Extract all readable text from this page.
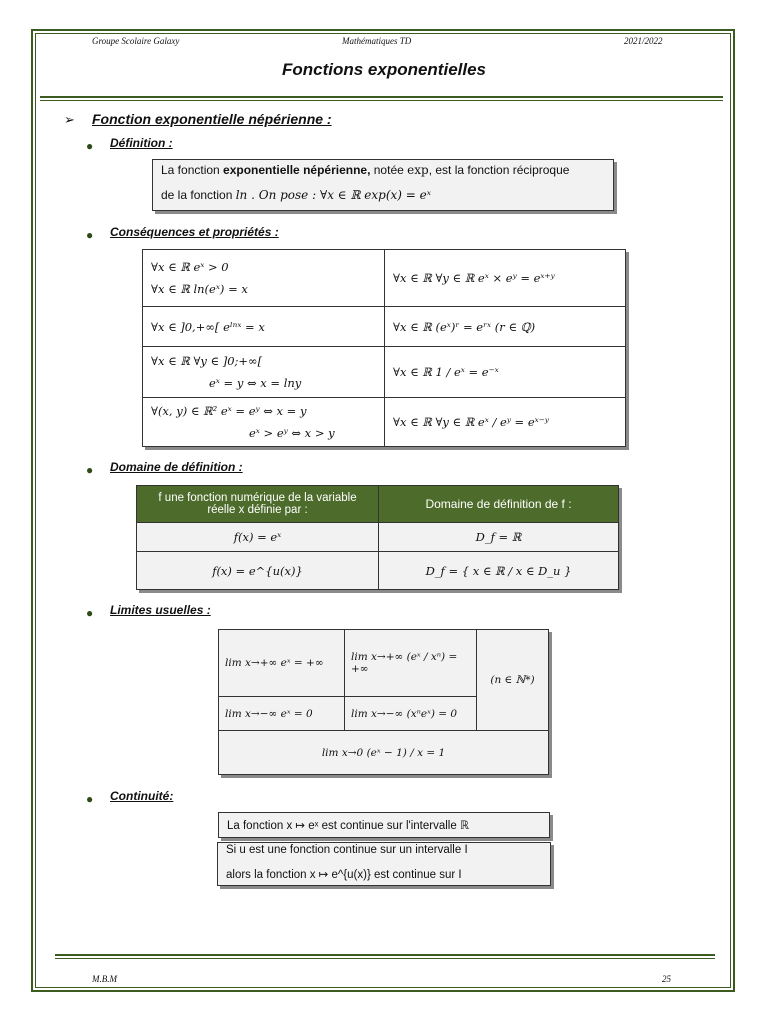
Groupe Scolaire Galaxy	Mathématiques TD	2021/2022
Fonctions exponentielles
➢ Fonction exponentielle népérienne :
● Définition :
La fonction exponentielle népérienne, notée exp, est la fonction réciproque
de la fonction ln . On pose : ∀x ∈ ℝ exp(x) = eˣ
● Conséquences et propriétés :
∀x ∈ ℝ eˣ > 0
∀x ∈ ℝ ln(eˣ) = x	∀x ∈ ℝ ∀y ∈ ℝ eˣ × eʸ = eˣ⁺ʸ

∀x ∈ ]0,+∞[ eˡⁿˣ = x	∀x ∈ ℝ (eˣ)ʳ = eʳˣ (r ∈ ℚ)

∀x ∈ ℝ ∀y ∈ ]0;+∞[
eˣ = y ⇔ x = lny	∀x ∈ ℝ 1 / eˣ = e⁻ˣ

∀(x, y) ∈ ℝ² eˣ = eʸ ⇔ x = y
eˣ > eʸ ⇔ x > y	∀x ∈ ℝ ∀y ∈ ℝ eˣ / eʸ = eˣ⁻ʸ
● Domaine de définition :
f une fonction numérique de la variable réelle x définie par :	Domaine de définition de f :
f(x) = eˣ	D_f = ℝ
f(x) = e^{u(x)}	D_f = { x ∈ ℝ / x ∈ D_u }
● Limites usuelles :
lim x→+∞ eˣ = +∞	lim x→+∞ (eˣ / xⁿ) = +∞	(n ∈ ℕ*)
lim x→−∞ eˣ = 0	lim x→−∞ (xⁿeˣ) = 0	
lim x→0 (eˣ − 1) / x = 1		
● Continuité:
La fonction x ↦ eˣ est continue sur l'intervalle ℝ
Si u est une fonction continue sur un intervalle I
alors la fonction x ↦ e^{u(x)} est continue sur I
M.B.M	25
